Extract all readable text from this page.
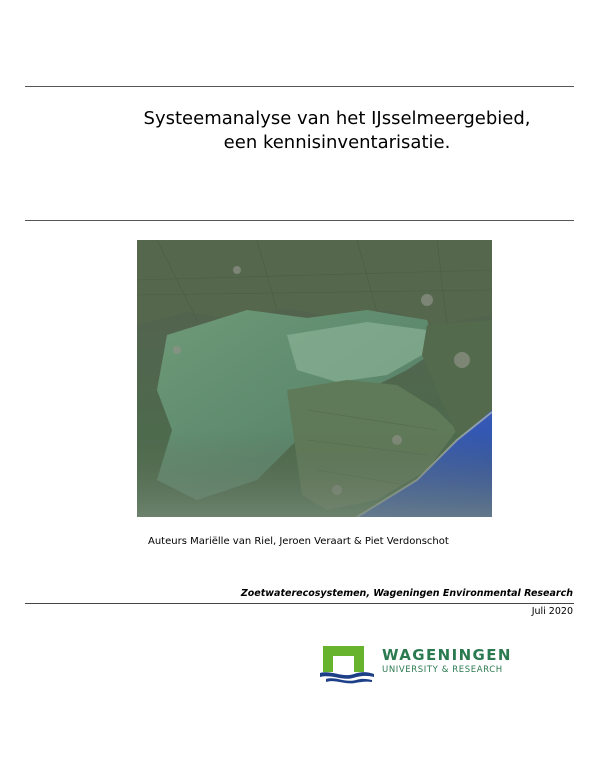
Systeemanalyse van het IJsselmeergebied,
een kennisinventarisatie.
Auteurs Mariëlle van Riel, Jeroen Veraart & Piet Verdonschot
Zoetwaterecosystemen, Wageningen Environmental Research
Juli 2020
WAGENINGEN
UNIVERSITY & RESEARCH
